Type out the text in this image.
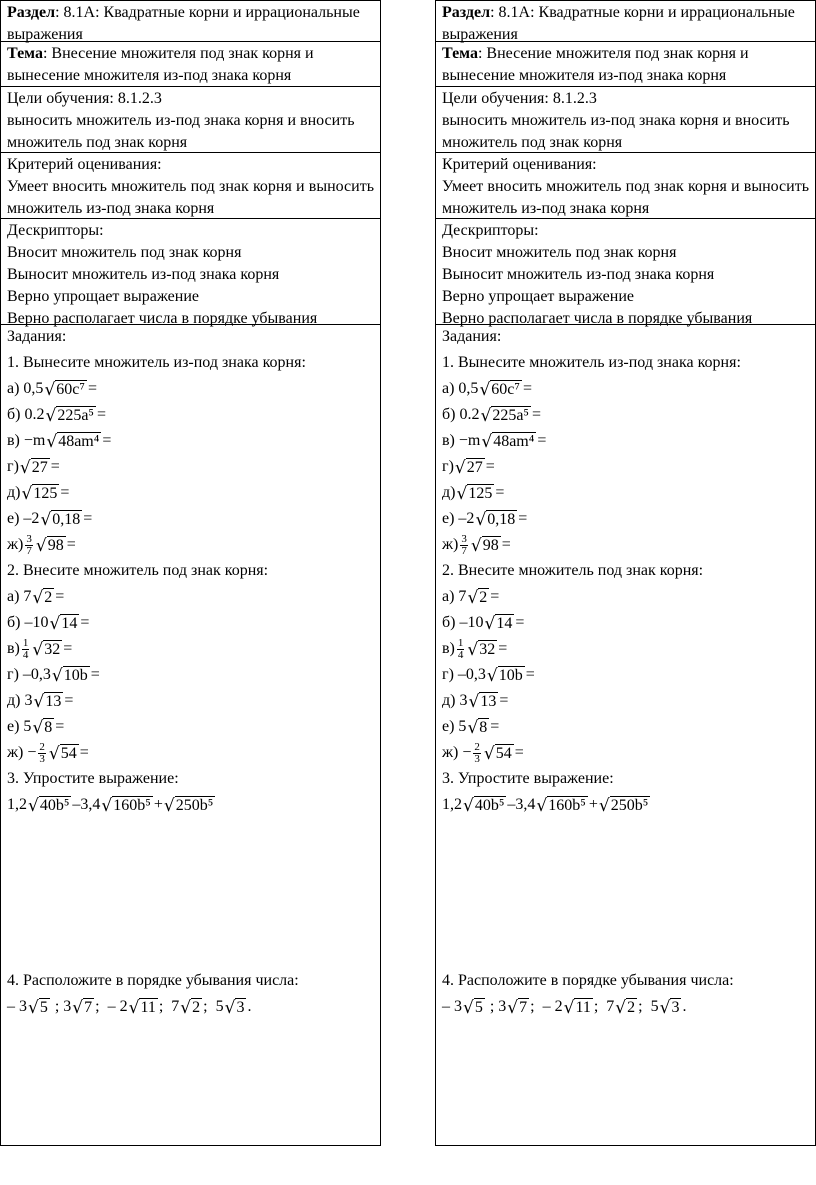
Раздел: 8.1А: Квадратные корни и иррациональные выражения
Тема: Внесение множителя под знак корня и вынесение множителя из-под знака корня
Цели обучения: 8.1.2.3
выносить множитель из-под знака корня и вносить множитель под знак корня
Критерий оценивания:
Умеет вносить множитель под знак корня и выносить множитель из-под знака корня
Дескрипторы:
Вносит множитель под знак корня
Выносит множитель из-под знака корня
Верно упрощает выражение
Верно располагает числа в порядке убывания
Задания:
1. Вынесите множитель из-под знака корня:
а) 0,5 √ 60c⁷ =
б) 0.2 √ 225a⁵ =
в) −m √ 48am⁴ =
г) √ 27 =
д) √ 125 =
е) –2 √ 0,18 =
$ж) \frac{3}{7}$ √ 98 =
2. Внесите множитель под знак корня:
а) 7 √ 2 =
б) –10 √ 14 =
$в) \frac{1}{4}$ √ 32 =
г) –0,3 √ 10b =
д) 3 √ 13 =
е) 5 √ 8 =
$ж) - \frac{2}{3}$ √ 54 =
3. Упростите выражение:
1,2 √ 40b⁵ –3,4 √ 160b⁵ + √ 250b⁵
4. Расположите в порядке убывания числа:
– 3 √ 5 ; 3 √ 7 ; – 2 √ 11 ; 7 √ 2 ; 5 √ 3 .
Раздел: 8.1А: Квадратные корни и иррациональные выражения
Тема: Внесение множителя под знак корня и вынесение множителя из-под знака корня
Цели обучения: 8.1.2.3
выносить множитель из-под знака корня и вносить множитель под знак корня
Критерий оценивания:
Умеет вносить множитель под знак корня и выносить множитель из-под знака корня
Дескрипторы:
Вносит множитель под знак корня
Выносит множитель из-под знака корня
Верно упрощает выражение
Верно располагает числа в порядке убывания
Задания:
1. Вынесите множитель из-под знака корня:
а) 0,5 √ 60c⁷ =
б) 0.2 √ 225a⁵ =
в) −m √ 48am⁴ =
г) √ 27 =
д) √ 125 =
е) –2 √ 0,18 =
$ж) \frac{3}{7}$ √ 98 =
2. Внесите множитель под знак корня:
а) 7 √ 2 =
б) –10 √ 14 =
$в) \frac{1}{4}$ √ 32 =
г) –0,3 √ 10b =
д) 3 √ 13 =
е) 5 √ 8 =
$ж) - \frac{2}{3}$ √ 54 =
3. Упростите выражение:
1,2 √ 40b⁵ –3,4 √ 160b⁵ + √ 250b⁵
4. Расположите в порядке убывания числа:
– 3 √ 5 ; 3 √ 7 ; – 2 √ 11 ; 7 √ 2 ; 5 √ 3 .
